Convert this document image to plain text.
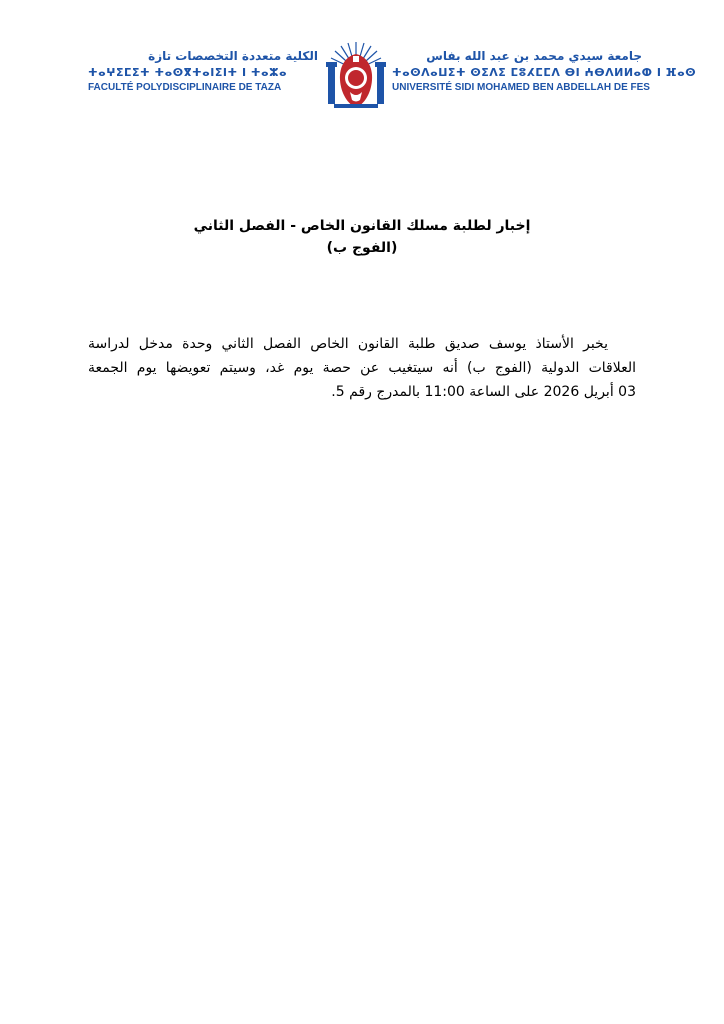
الكلية متعددة التخصصات تازة
ⵜⴰⵖⵉⵎⵉⵜ ⵜⴰⵙⴳⵜⴰⵏⵉⵏⵜ ⵏ ⵜⴰⵣⴰ
FACULTÉ POLYDISCIPLINAIRE DE TAZA
جامعة سيدي محمد بن عبد الله بفاس
ⵜⴰⵙⴷⴰⵡⵉⵜ ⵙⵉⴷⵉ ⵎⵓⵃⵎⵎⴷ ⴱⵏ ⵄⴱⴷⵍⵍⴰⵀ ⵏ ⴼⴰⵙ
UNIVERSITÉ SIDI MOHAMED BEN ABDELLAH DE FES
إخبار لطلبة مسلك القانون الخاص - الفصل الثاني
(الفوج ب)
يخبر الأستاذ يوسف صديق طلبة القانون الخاص الفصل الثاني وحدة مدخل لدراسة
العلاقات الدولية (الفوج ب) أنه سيتغيب عن حصة يوم غد، وسيتم تعويضها يوم الجمعة
03 أبريل 2026 على الساعة 11:00 بالمدرج رقم 5.
